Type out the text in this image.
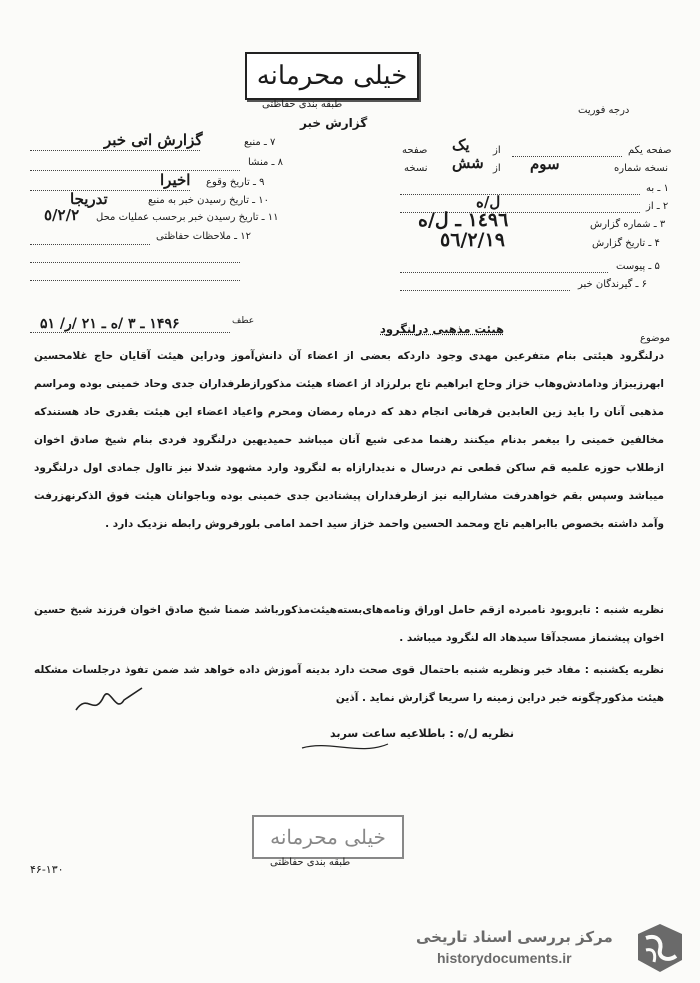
خیلی محرمانه
طبقه بندی حفاظتی
گزارش خبر
درجه فوریت
۷ ـ منبع
گزارش اتی خبر
۸ ـ منشا
۹ ـ تاریخ وقوع
اخیرا
۱۰ ـ تاریخ رسیدن خبر به منبع
تدریجا
۱۱ ـ تاریخ رسیدن خبر برحسب عملیات محل
٥/٢/٢
۱۲ ـ ملاحظات حفاظتی
صفحه یکم
از
یک
صفحه
نسخه شماره
سوم
از
شش
نسخه
۱ ـ به
۲ ـ از
ل/ه
۳ ـ شماره گزارش
۱٤٩٦ ـ ل/ه
۴ ـ تاریخ گزارش
٥٦/٢/١٩
۵ ـ پیوست
۶ ـ گیرندگان خبر
موضوع
هیئت مذهبی درلنگرود
عطف
۱۴۹۶ ـ ۳ /ه ـ ۲۱ /ر/ ۵۱
درلنگرود هیئتی بنام متفرعین مهدی وجود داردکه بعضی از اعضاء آن دانش‌آموز ودراین هیئت آقایان حاج غلامحسین ابهرزیبزاز ودامادش‌وهاب خزاز وحاج ابراهیم تاج برلرزاد از اعضاء هیئت مذکورازطرفداران جدی وحاد خمینی بوده ومراسم مذهبی آنان را باید زین العابدین فرهانی انجام دهد که درماه رمضان ومحرم واعیاد اعضاء این هیئت بقدری حاد هستندکه مخالفین خمینی را بیغمر بدنام میکنند رهنما مدعی شیع آنان میباشد حمیدیهین درلنگرود فردی بنام شیخ صادق اخوان ازطلاب حوزه علمیه قم ساکن قطعی تم درسال ه ندیدارازاه به لنگرود وارد مشهود شدلا نیز تااول جمادی اول درلنگرود میباشد وسپس بقم خواهدرفت مشارالیه نیز ازطرفداران پیشتادین جدی خمینی بوده وباجوانان هیئت فوق الذکرنهزرفت وآمد داشته بخصوص باابراهیم تاج ومحمد الحسین واحمد خزاز سید احمد امامی بلورفروش رابطه نزدیک دارد .
نظریه شنبه : تایروبود نامبرده ازقم حامل اوراق ونامه‌های‌بسته‌هیئت‌مذکورباشد ضمنا شیخ صادق اخوان فرزند شیخ حسین اخوان پیشنماز مسجدآقا سیدهاد اله لنگرود میباشد .
نظریه یکشنبه : مفاد خبر ونظریه شنبه باحتمال قوی صحت دارد بدینه آموزش داده خواهد شد ضمن تفوذ درجلسات مشکله هیئت مذکورچگونه خبر دراین زمینه را سریعا گزارش نماید . آذین
نظریه ل/ه : باطلاعیه ساعت سربد
خیلی محرمانه
طبقه بندی حفاظتی
۴۶-۱۳۰
مرکز بررسی اسناد تاریخی
historydocuments.ir
